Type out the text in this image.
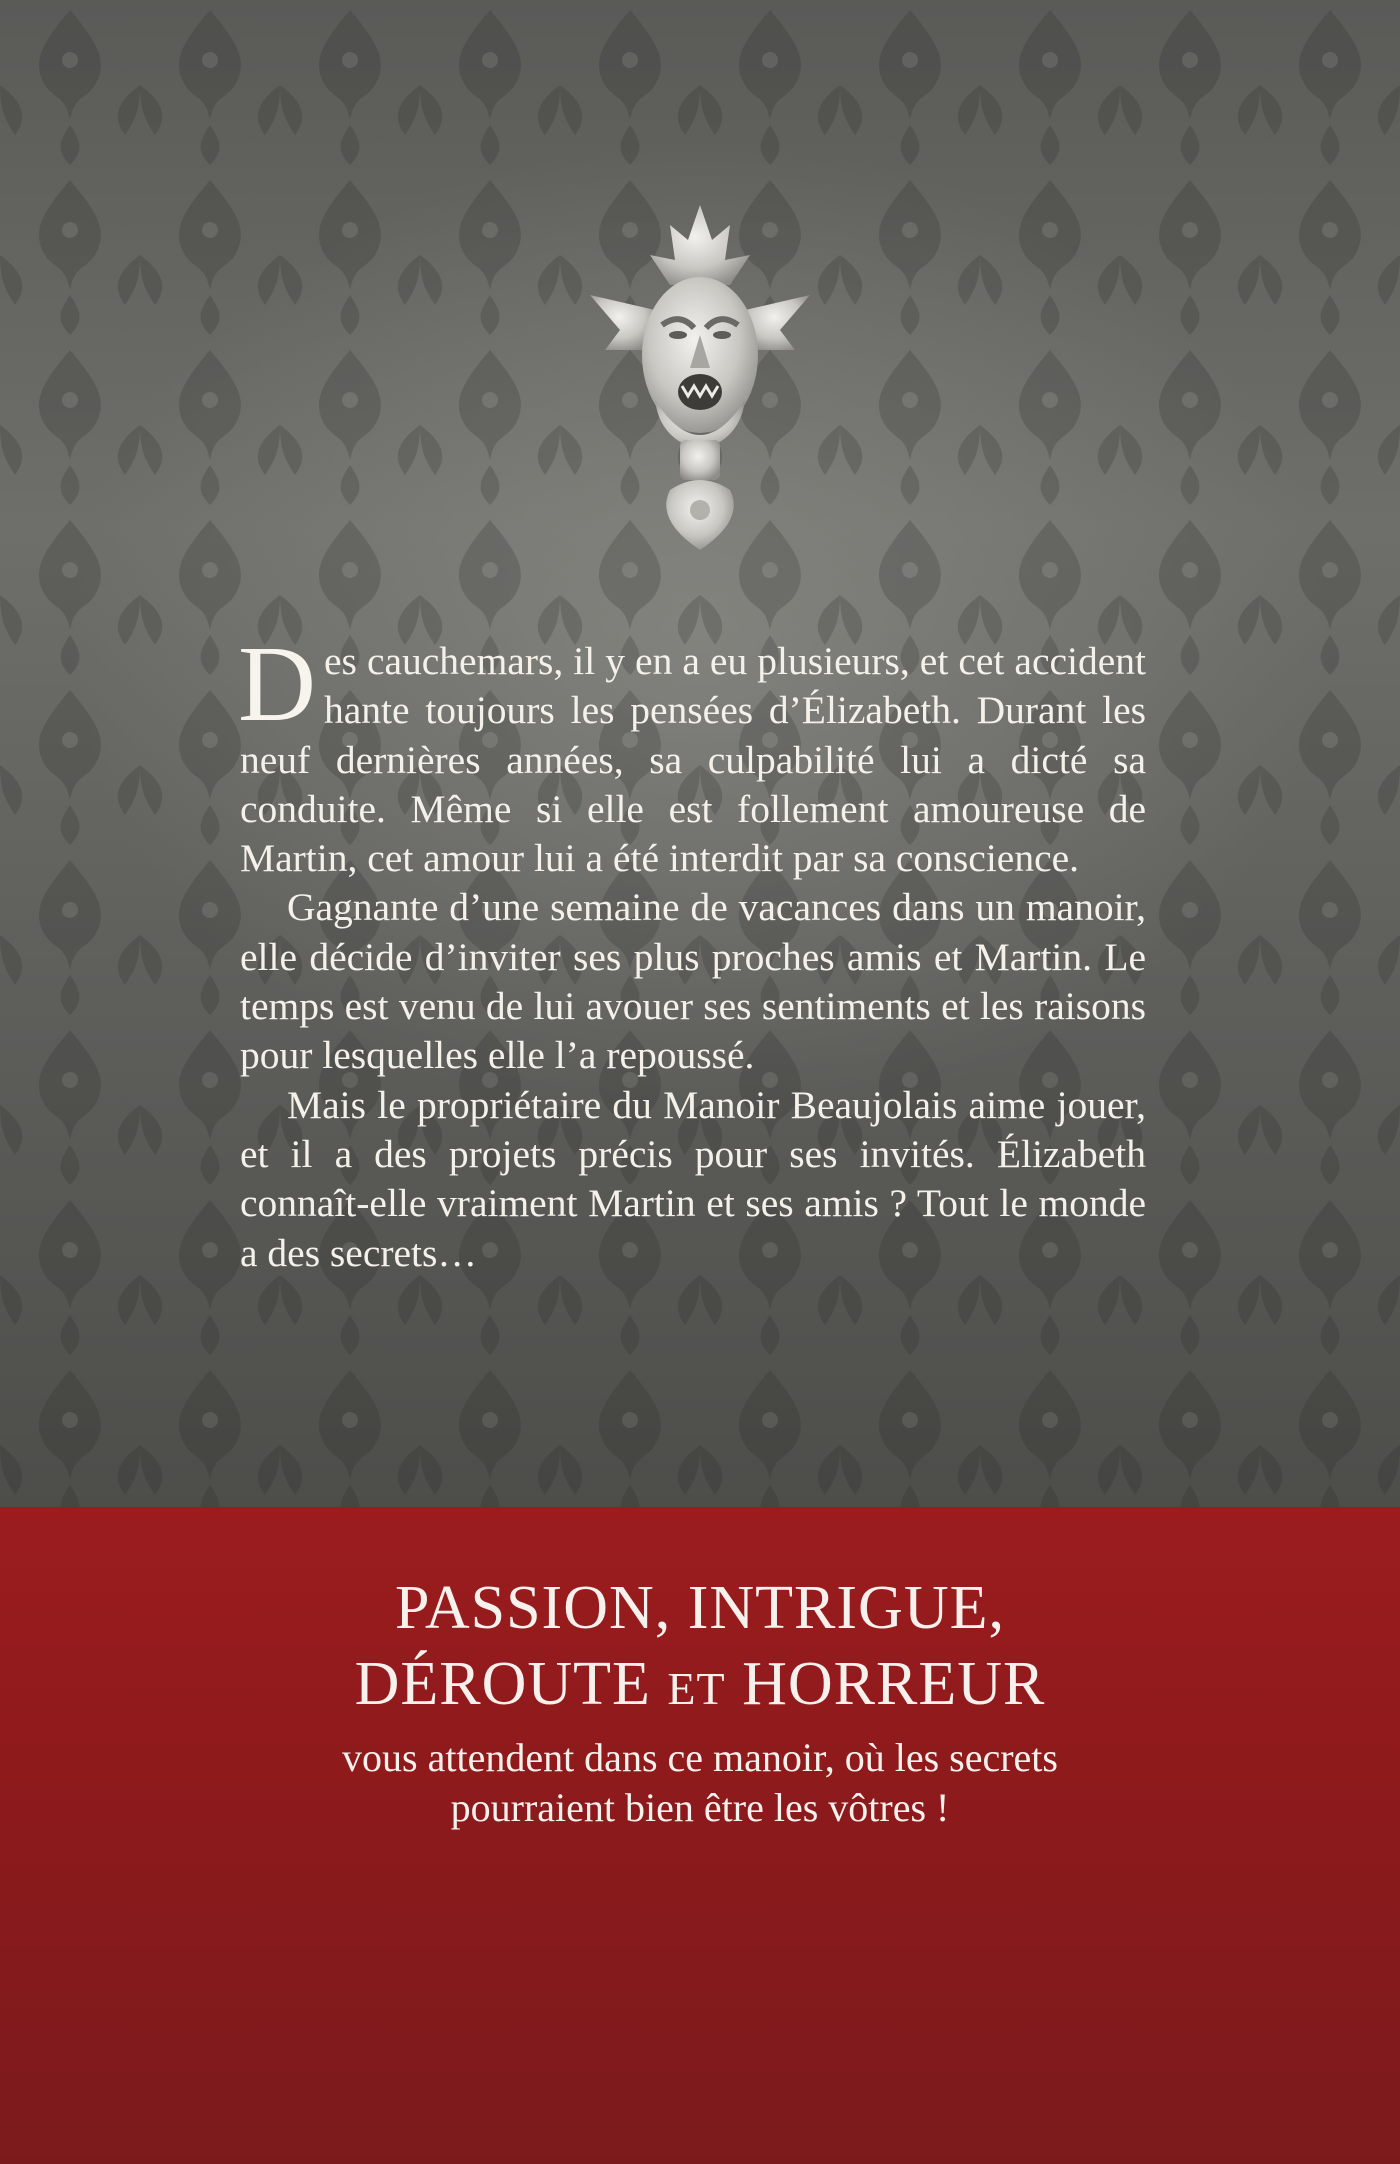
Des cauchemars, il y en a eu plusieurs, et cet accident hante toujours les pensées d’Élizabeth. Durant les neuf dernières années, sa culpabilité lui a dicté sa conduite. Même si elle est follement amoureuse de Martin, cet amour lui a été interdit par sa conscience.

Gagnante d’une semaine de vacances dans un manoir, elle décide d’inviter ses plus proches amis et Martin. Le temps est venu de lui avouer ses sentiments et les raisons pour lesquelles elle l’a repoussé.

Mais le propriétaire du Manoir Beaujolais aime jouer, et il a des projets précis pour ses invités. Élizabeth connaît-elle vraiment Martin et ses amis ? Tout le monde a des secrets…

PASSION, INTRIGUE,
DÉROUTE ET HORREUR
vous attendent dans ce manoir, où les secrets
pourraient bien être les vôtres !
